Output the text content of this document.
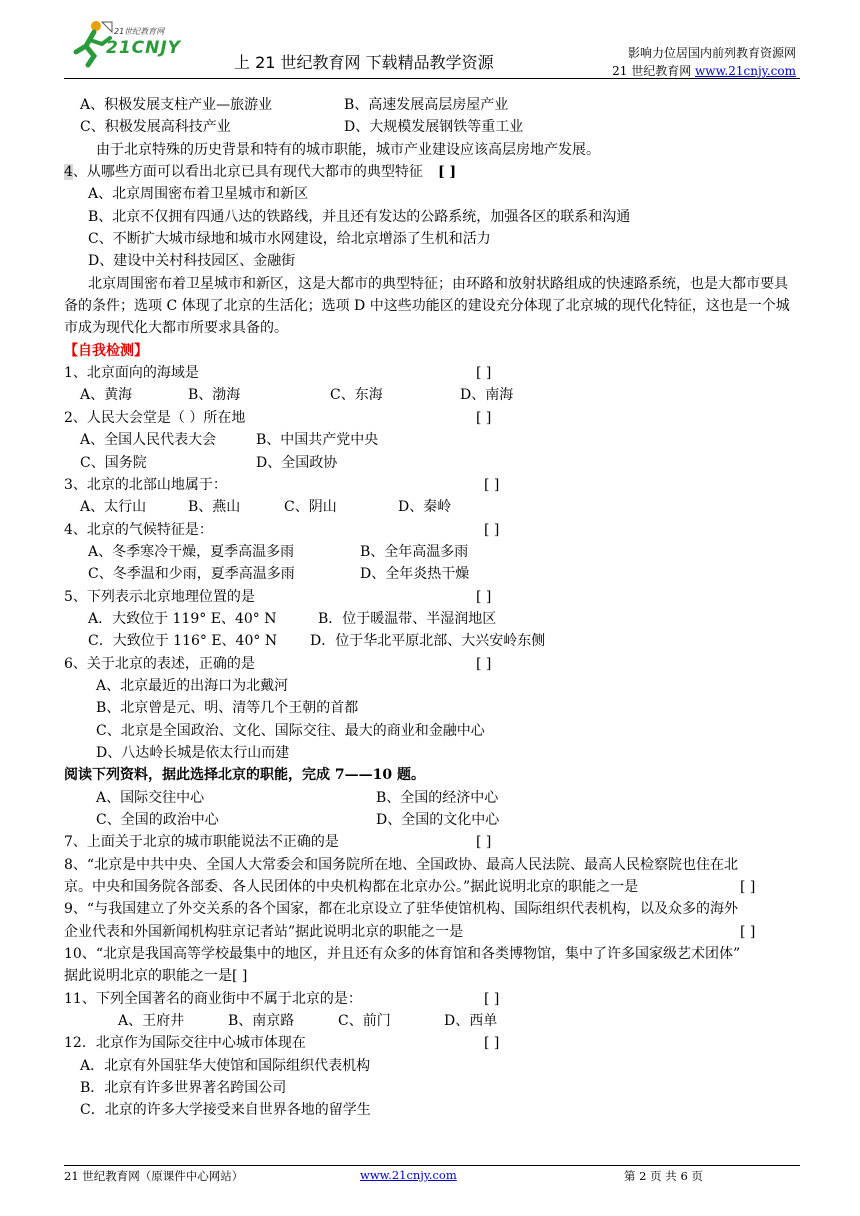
21世纪教育网
21CNJY
上 21 世纪教育网 下载精品教学资源	影响力位居国内前列教育资源网
21 世纪教育网 www.21cnjy.com
A、积极发展支柱产业—旅游业	B、高速发展高层房屋产业
C、积极发展高科技产业	D、大规模发展钢铁等重工业
由于北京特殊的历史背景和特有的城市职能，城市产业建设应该高层房地产发展。
4、从哪些方面可以看出北京已具有现代大都市的典型特征 [ ]
A、北京周围密布着卫星城市和新区
B、北京不仅拥有四通八达的铁路线，并且还有发达的公路系统，加强各区的联系和沟通
C、不断扩大城市绿地和城市水网建设，给北京增添了生机和活力
D、建设中关村科技园区、金融街
北京周围密布着卫星城市和新区，这是大都市的典型特征；由环路和放射状路组成的快速路系统，也是大都市要具备的条件；选项 C 体现了北京的生活化；选项 D 中这些功能区的建设充分体现了北京城的现代化特征，这也是一个城市成为现代化大都市所要求具备的。
【自我检测】
1、北京面向的海域是	[ ]
A、黄海	B、渤海	C、东海	D、南海
2、人民大会堂是（ ）所在地	[ ]
A、全国人民代表大会	B、中国共产党中央
C、国务院	D、全国政协
3、北京的北部山地属于：	[ ]
A、太行山	B、燕山	C、阴山	D、秦岭
4、北京的气候特征是：	[ ]
A、冬季寒冷干燥，夏季高温多雨	B、全年高温多雨
C、冬季温和少雨，夏季高温多雨	D、全年炎热干燥
5、下列表示北京地理位置的是	[ ]
A．大致位于 119° E、40° N	B．位于暖温带、半湿润地区
C．大致位于 116° E、40° N D．位于华北平原北部、大兴安岭东侧
6、关于北京的表述，正确的是	[ ]
A、北京最近的出海口为北戴河
B、北京曾是元、明、清等几个王朝的首都
C、北京是全国政治、文化、国际交往、最大的商业和金融中心
D、八达岭长城是依太行山而建
阅读下列资料，据此选择北京的职能，完成 7——10 题。
A、国际交往中心	B、全国的经济中心
C、全国的政治中心	D、全国的文化中心
7、上面关于北京的城市职能说法不正确的是	[ ]
8、“北京是中共中央、全国人大常委会和国务院所在地、全国政协、最高人民法院、最高人民检察院也住在北
京。中央和国务院各部委、各人民团体的中央机构都在北京办公。”据此说明北京的职能之一是	[ ]
9、“与我国建立了外交关系的各个国家，都在北京设立了驻华使馆机构、国际组织代表机构，以及众多的海外
企业代表和外国新闻机构驻京记者站”据此说明北京的职能之一是	[ ]
10、“北京是我国高等学校最集中的地区，并且还有众多的体育馆和各类博物馆，集中了许多国家级艺术团体”
据此说明北京的职能之一是[ ]
11、下列全国著名的商业街中不属于北京的是：	[ ]
A、王府井	B、南京路	C、前门	D、西单
12．北京作为国际交往中心城市体现在	[ ]
A．北京有外国驻华大使馆和国际组织代表机构
B．北京有许多世界著名跨国公司
C．北京的许多大学接受来自世界各地的留学生
21 世纪教育网（原课件中心网站）	www.21cnjy.com	第 2 页 共 6 页
